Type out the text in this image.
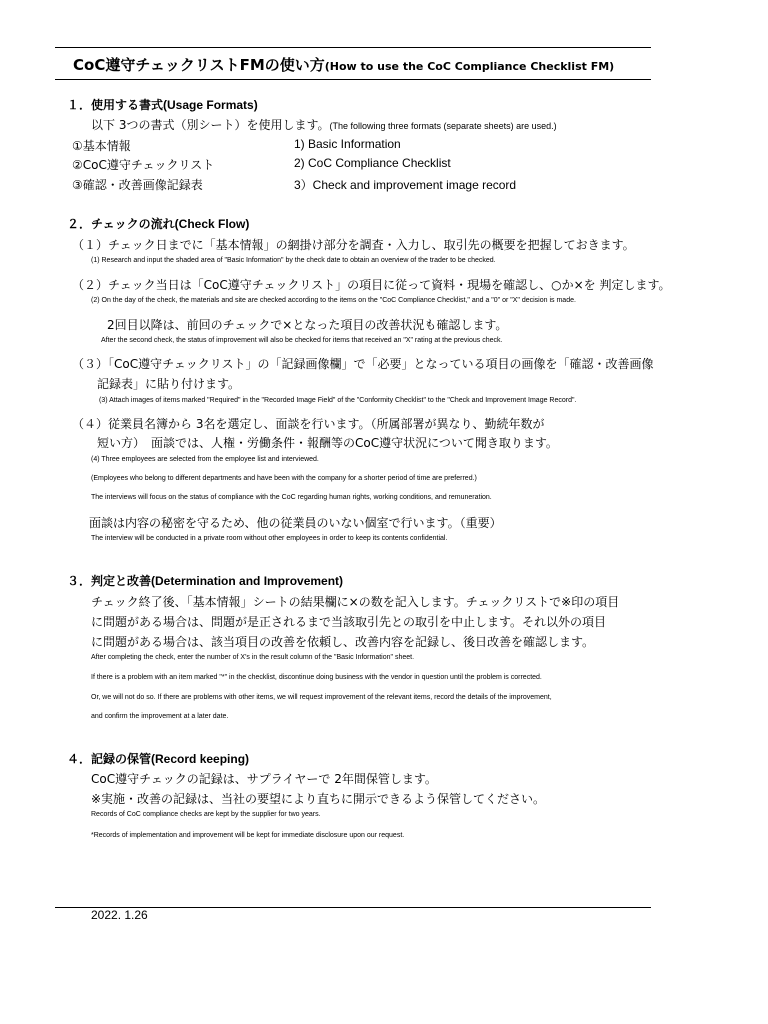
CoC遵守チェックリストFMの使い方(How to use the CoC Compliance Checklist FM)
１．使用する書式(Usage Formats)
以下 3つの書式（別シート）を使用します。(The following three formats (separate sheets) are used.)
①基本情報	1) Basic Information
②CoC遵守チェックリスト	2) CoC Compliance Checklist
③確認・改善画像記録表	3）Check and improvement image record
２．チェックの流れ(Check Flow)
（１）チェック日までに「基本情報」の網掛け部分を調査・入力し、取引先の概要を把握しておきます。
(1) Research and input the shaded area of "Basic Information" by the check date to obtain an overview of the trader to be checked.
（２）チェック当日は「CoC遵守チェックリスト」の項目に従って資料・現場を確認し、○か×を 判定します。
(2) On the day of the check, the materials and site are checked according to the items on the "CoC Compliance Checklist," and a "0" or "X" decision is made.
2回目以降は、前回のチェックで×となった項目の改善状況も確認します。
After the second check, the status of improvement will also be checked for items that received an "X" rating at the previous check.
（３）「CoC遵守チェックリスト」の「記録画像欄」で「必要」となっている項目の画像を「確認・改善画像
記録表」に貼り付けます。
(3) Attach images of items marked "Required" in the "Recorded Image Field" of the "Conformity Checklist" to the "Check and Improvement Image Record".
（４）従業員名簿から 3名を選定し、面談を行います。（所属部署が異なり、勤続年数が
短い方）　面談では、人権・労働条件・報酬等のCoC遵守状況について聞き取ります。
(4) Three employees are selected from the employee list and interviewed.
(Employees who belong to different departments and have been with the company for a shorter period of time are preferred.)
The interviews will focus on the status of compliance with the CoC regarding human rights, working conditions, and remuneration.
面談は内容の秘密を守るため、他の従業員のいない個室で行います。（重要）
The interview will be conducted in a private room without other employees in order to keep its contents confidential.
３．判定と改善(Determination and Improvement)
チェック終了後、「基本情報」シートの結果欄に×の数を記入します。チェックリストで※印の項目
に問題がある場合は、問題が是正されるまで当該取引先との取引を中止します。それ以外の項目
に問題がある場合は、該当項目の改善を依頼し、改善内容を記録し、後日改善を確認します。
After completing the check, enter the number of X's in the result column of the "Basic Information" sheet.
If there is a problem with an item marked "*" in the checklist, discontinue doing business with the vendor in question until the problem is corrected.
Or, we will not do so. If there are problems with other items, we will request improvement of the relevant items, record the details of the improvement,
and confirm the improvement at a later date.
４．記録の保管(Record keeping)
CoC遵守チェックの記録は、サプライヤーで 2年間保管します。
※実施・改善の記録は、当社の要望により直ちに開示できるよう保管してください。
Records of CoC compliance checks are kept by the supplier for two years.
*Records of implementation and improvement will be kept for immediate disclosure upon our request.
2022. 1.26
